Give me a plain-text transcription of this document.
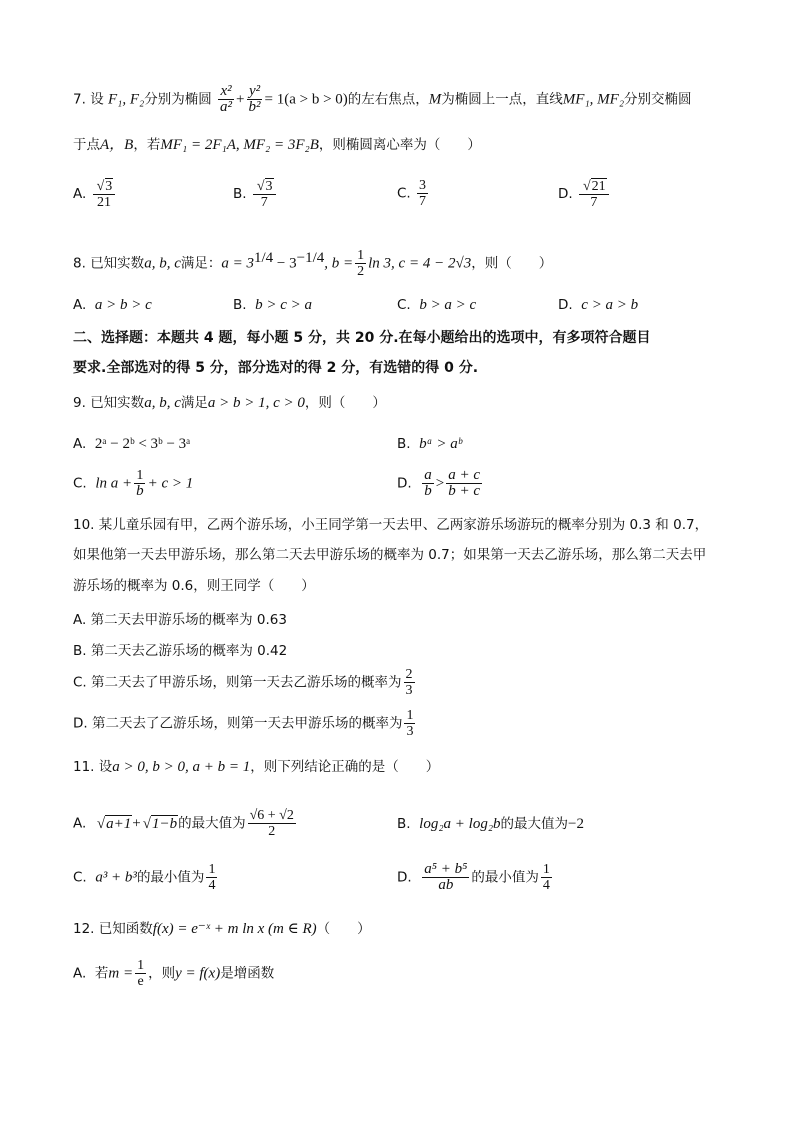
7. 设 F₁, F₂分别为椭圆 $\frac{\text{x²}}{\text{a²}} + \frac{\text{y²}}{\text{b²}} = 1(a > b > 0)$的左右焦点，M为椭圆上一点，直线MF₁, MF₂分别交椭圆
于点A，B，若MF₁ = 2F₁A, MF₂ = 3F₂B，则椭圆离心率为（　　）
A. √ $\frac{3}{21}$	B. √ $\frac{3}{7}$	C. $\frac{3}{7}$	D. √ $\frac{21}{7}$
8. 已知实数a, b, c满足：$a = 3^{1/4} - 3^{-1/4}$, $b = \frac{1}{2}$ ln 3, c = 4 − 2√3，则（　　）
A. a > b > c	B. b > c > a	C. b > a > c	D. c > a > b
二、选择题：本题共 4 题，每小题 5 分，共 20 分.在每小题给出的选项中，有多项符合题目
要求.全部选对的得 5 分，部分选对的得 2 分，有选错的得 0 分.
9. 已知实数a, b, c满足a > b > 1, c > 0，则（　　）
A. 2ᵃ − 2ᵇ < 3ᵇ − 3ᵃ	B. bᵃ > aᵇ
C. $\ln a + \frac{1}{b} + c > 1$	D. $\frac{a}{b} > \frac{a + c}{b + c}$
10. 某儿童乐园有甲，乙两个游乐场，小王同学第一天去甲、乙两家游乐场游玩的概率分别为 0.3 和 0.7，
如果他第一天去甲游乐场，那么第二天去甲游乐场的概率为 0.7；如果第一天去乙游乐场，那么第二天去甲
游乐场的概率为 0.6，则王同学（　　）
A. 第二天去甲游乐场的概率为 0.63
B. 第二天去乙游乐场的概率为 0.42
C. 第二天去了甲游乐场，则第一天去乙游乐场的概率为 $\frac{2}{3}$
D. 第二天去了乙游乐场，则第一天去甲游乐场的概率为 $\frac{1}{3}$
11. 设a > 0, b > 0, a + b = 1，则下列结论正确的是（　　）
A. √ a+1+ √ 1−b的最大值为 $\frac{√6 + √2}{2}$	B. log₂a + log₂b的最大值为−2
C. a³ + b³的最小值为 $\frac{1}{4}$	D. $\frac{\text{a⁵ + b⁵}}{ab}$ 的最小值为 $\frac{1}{4}$
12. 已知函数f(x) = e⁻ˣ + m ln x (m ∈ R)（　　）
A. 若$m = \frac{1}{e}$ ，则y = f(x)是增函数
